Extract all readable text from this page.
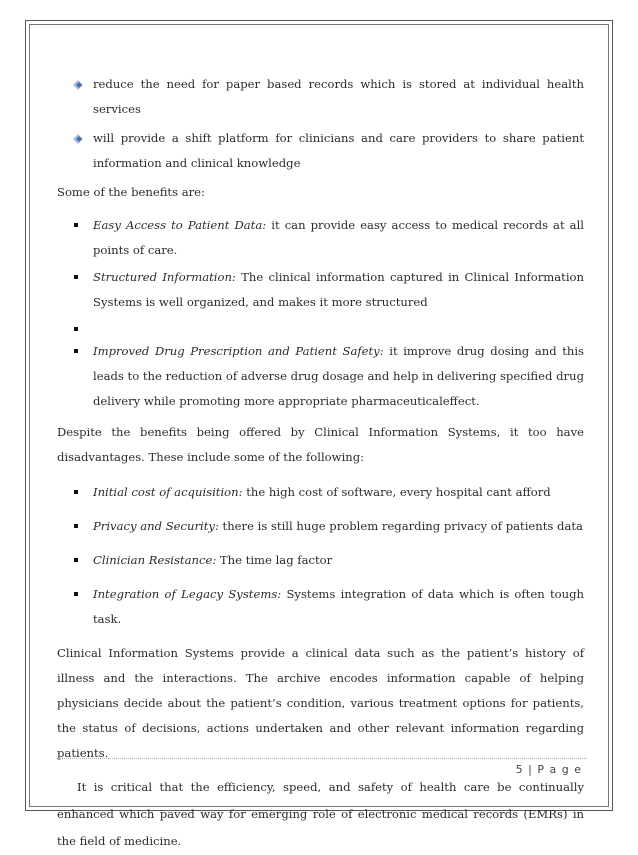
reduce the need for paper based records which is stored at individual health services
will provide a shift platform for clinicians and care providers to share patient information and clinical knowledge

Some of the benefits are:

Easy Access to Patient Data: it can provide easy access to medical records at all points of care.
Structured Information: The clinical information captured in Clinical Information Systems is well organized, and makes it more structured
Improved Drug Prescription and Patient Safety: it improve drug dosing and this leads to the reduction of adverse drug dosage and help in delivering specified drug delivery while promoting more appropriate pharmaceuticaleffect.

Despite the benefits being offered by Clinical Information Systems, it too have disadvantages. These include some of the following:

Initial cost of acquisition: the high cost of software, every hospital cant afford
Privacy and Security: there is still huge problem regarding privacy of patients data
Clinician Resistance: The time lag factor
Integration of Legacy Systems: Systems integration of data which is often tough task.

Clinical Information Systems provide a clinical data such as the patient’s history of illness and the interactions. The archive encodes information capable of helping physicians decide about the patient’s condition, various treatment options for patients, the status of decisions, actions undertaken and other relevant information regarding patients.

It is critical that the efficiency, speed, and safety of health care be continually enhanced which paved way for emerging role of electronic medical records (EMRs) in the field of medicine.

5 | P a g e
